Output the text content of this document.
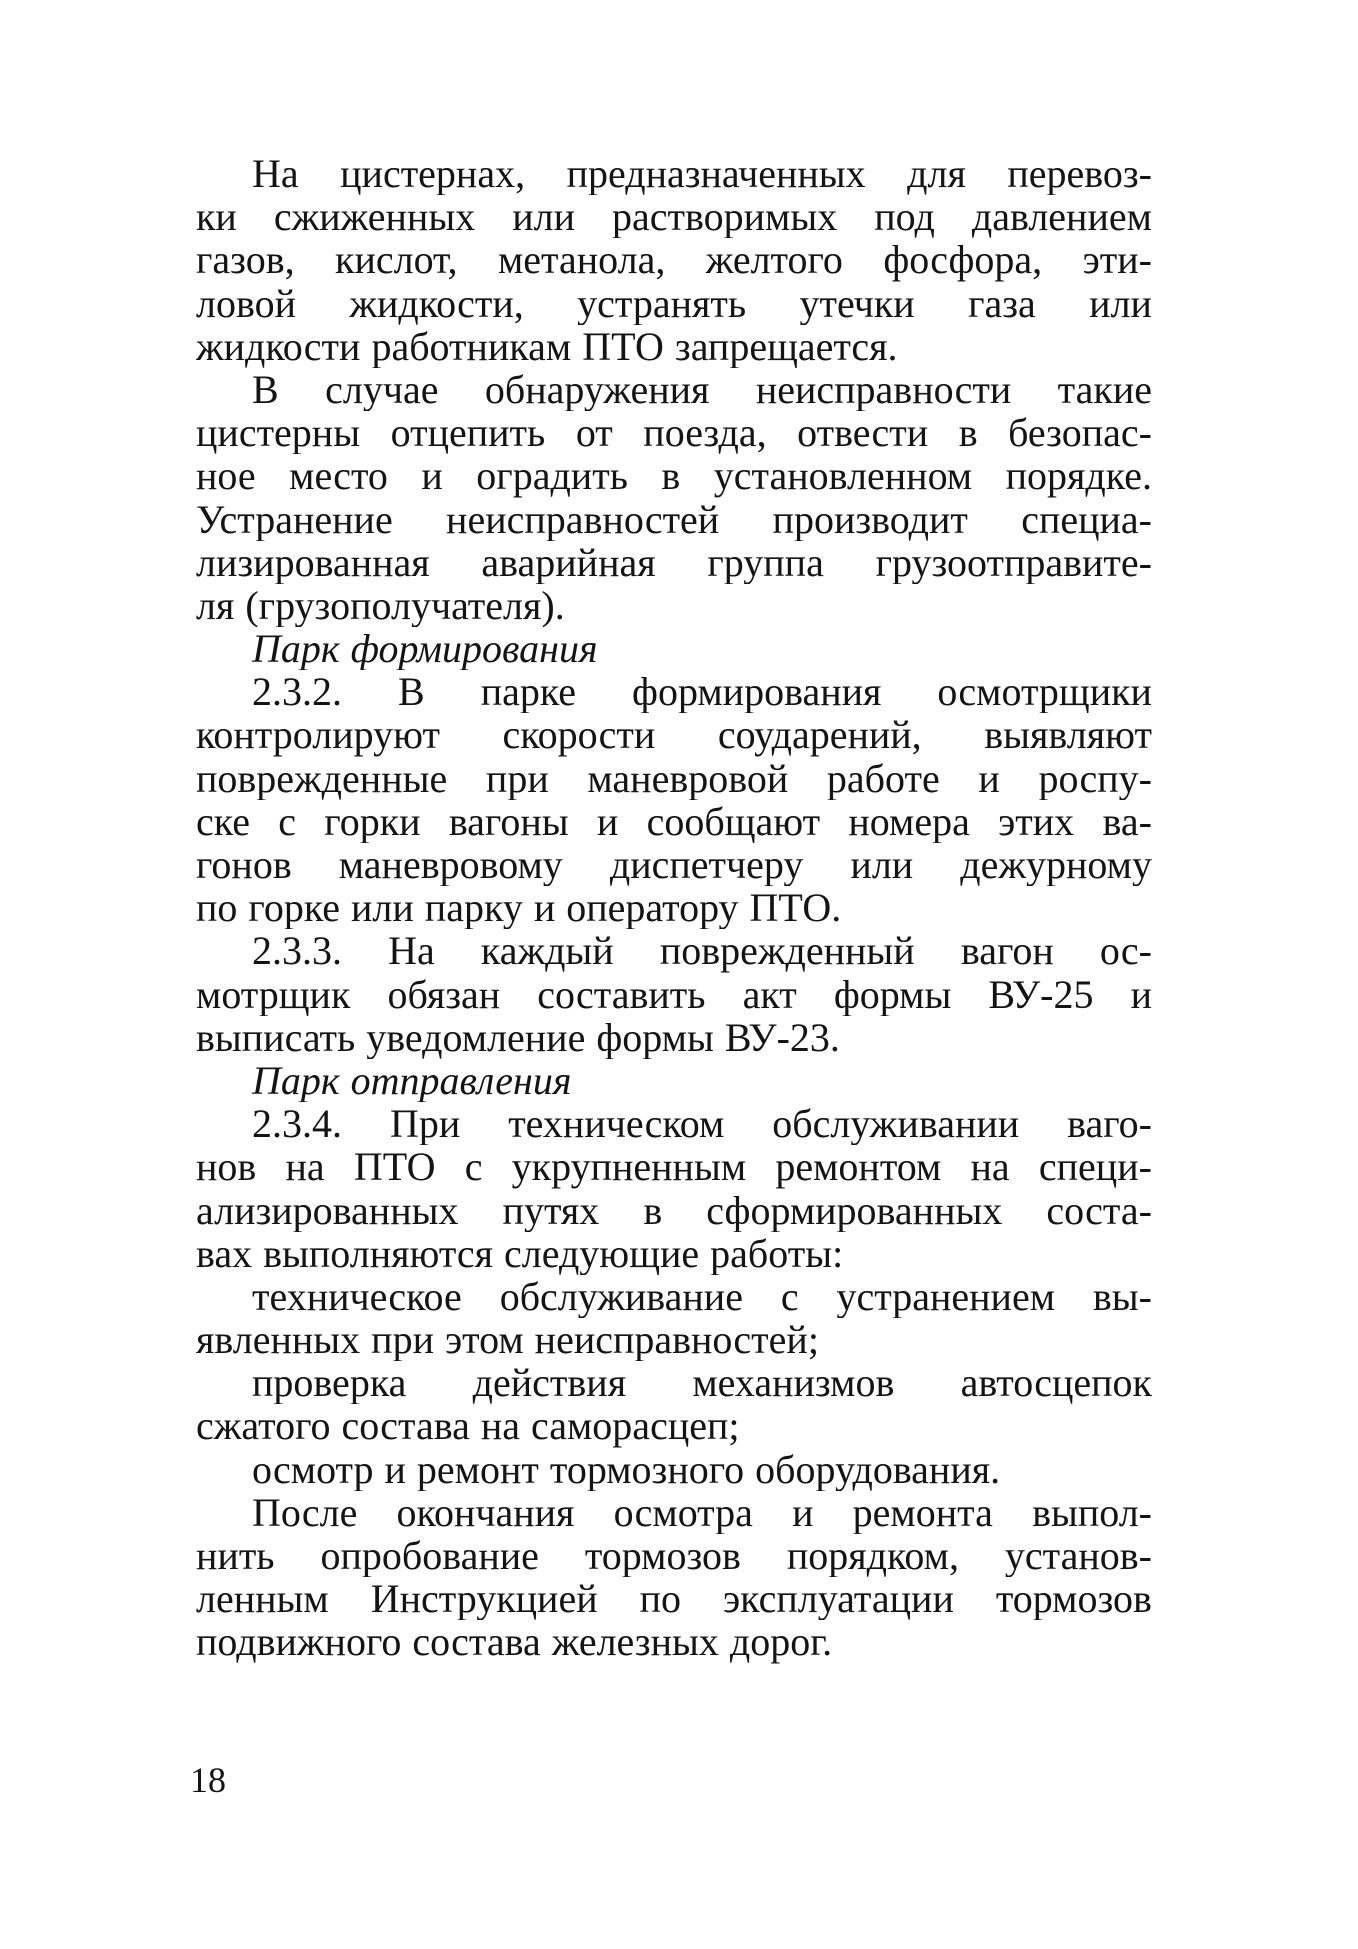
На цистернах, предназначенных для перевоз-
ки сжиженных или растворимых под давлением
газов, кислот, метанола, желтого фосфора, эти-
ловой жидкости, устранять утечки газа или
жидкости работникам ПТО запрещается.
В случае обнаружения неисправности такие
цистерны отцепить от поезда, отвести в безопас-
ное место и оградить в установленном порядке.
Устранение неисправностей производит специа-
лизированная аварийная группа грузоотправите-
ля (грузополучателя).
Парк формирования
2.3.2. В парке формирования осмотрщики
контролируют скорости соударений, выявляют
поврежденные при маневровой работе и роспу-
ске с горки вагоны и сообщают номера этих ва-
гонов маневровому диспетчеру или дежурному
по горке или парку и оператору ПТО.
2.3.3. На каждый поврежденный вагон ос-
мотрщик обязан составить акт формы ВУ-25 и
выписать уведомление формы ВУ-23.
Парк отправления
2.3.4. При техническом обслуживании ваго-
нов на ПТО с укрупненным ремонтом на специ-
ализированных путях в сформированных соста-
вах выполняются следующие работы:
техническое обслуживание с устранением вы-
явленных при этом неисправностей;
проверка действия механизмов автосцепок
сжатого состава на саморасцеп;
осмотр и ремонт тормозного оборудования.
После окончания осмотра и ремонта выпол-
нить опробование тормозов порядком, установ-
ленным Инструкцией по эксплуатации тормозов
подвижного состава железных дорог.
18
